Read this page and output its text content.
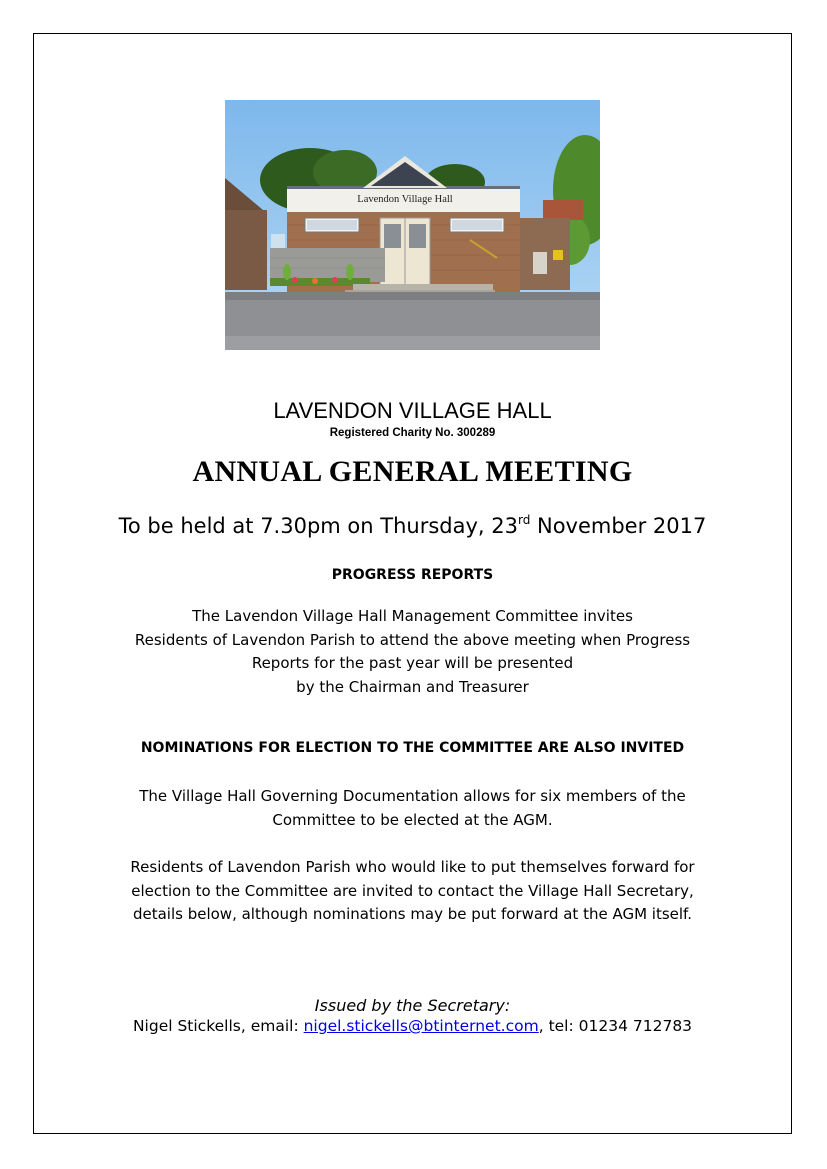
Lavendon Village Hall
LAVENDON VILLAGE HALL
Registered Charity No. 300289
ANNUAL GENERAL MEETING
To be held at 7.30pm on Thursday, 23rd November 2017
PROGRESS REPORTS
The Lavendon Village Hall Management Committee invites
Residents of Lavendon Parish to attend the above meeting when Progress
Reports for the past year will be presented
by the Chairman and Treasurer
NOMINATIONS FOR ELECTION TO THE COMMITTEE ARE ALSO INVITED
The Village Hall Governing Documentation allows for six members of the
Committee to be elected at the AGM.
Residents of Lavendon Parish who would like to put themselves forward for
election to the Committee are invited to contact the Village Hall Secretary,
details below, although nominations may be put forward at the AGM itself.
Issued by the Secretary:
Nigel Stickells, email: nigel.stickells@btinternet.com, tel: 01234 712783
